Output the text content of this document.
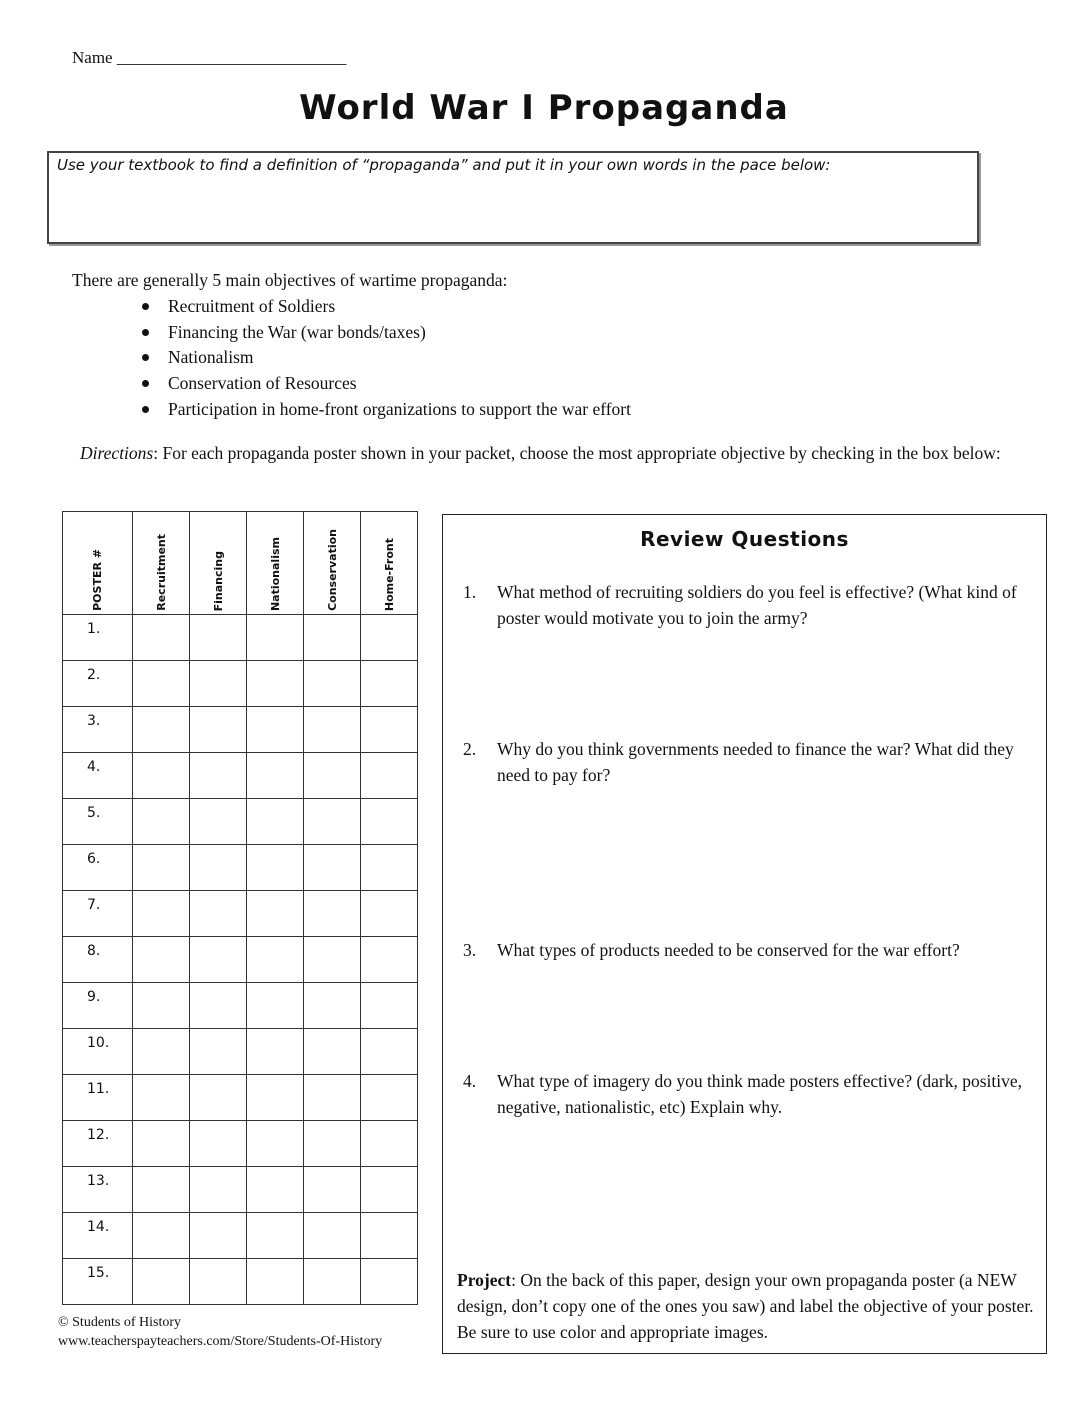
Name ___________________________
World War I Propaganda
Use your textbook to find a definition of “propaganda” and put it in your own words in the pace below:
There are generally 5 main objectives of wartime propaganda:
Recruitment of Soldiers
Financing the War (war bonds/taxes)
Nationalism
Conservation of Resources
Participation in home-front organizations to support the war effort
Directions: For each propaganda poster shown in your packet, choose the most appropriate objective by checking in the box below:
POSTER #	Recruitment	Financing	Nationalism	Conservation	Home-Front
1.					
2.					
3.					
4.					
5.					
6.					
7.					
8.					
9.					
10.					
11.					
12.					
13.					
14.					
15.					
© Students of History
www.teacherspayteachers.com/Store/Students-Of-History
Review Questions
1.	What method of recruiting soldiers do you feel is effective? (What kind of poster would motivate you to join the army?
2.	Why do you think governments needed to finance the war? What did they need to pay for?
3.	What types of products needed to be conserved for the war effort?
4.	What type of imagery do you think made posters effective? (dark, positive, negative, nationalistic, etc) Explain why.
Project: On the back of this paper, design your own propaganda poster (a NEW design, don’t copy one of the ones you saw) and label the objective of your poster. Be sure to use color and appropriate images.
